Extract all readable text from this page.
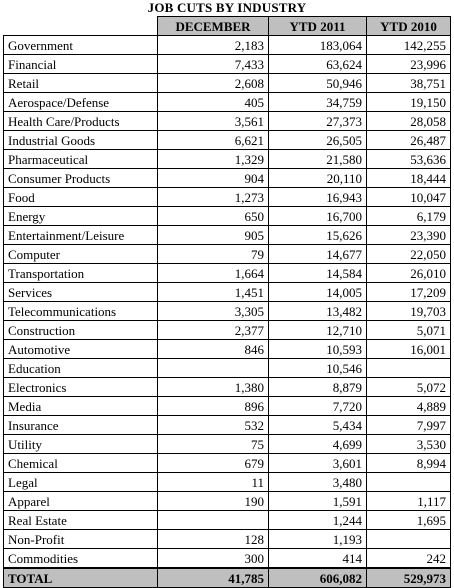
JOB CUTS BY INDUSTRY
	DECEMBER	YTD 2011	YTD 2010
Government	2,183	183,064	142,255
Financial	7,433	63,624	23,996
Retail	2,608	50,946	38,751
Aerospace/Defense	405	34,759	19,150
Health Care/Products	3,561	27,373	28,058
Industrial Goods	6,621	26,505	26,487
Pharmaceutical	1,329	21,580	53,636
Consumer Products	904	20,110	18,444
Food	1,273	16,943	10,047
Energy	650	16,700	6,179
Entertainment/Leisure	905	15,626	23,390
Computer	79	14,677	22,050
Transportation	1,664	14,584	26,010
Services	1,451	14,005	17,209
Telecommunications	3,305	13,482	19,703
Construction	2,377	12,710	5,071
Automotive	846	10,593	16,001
Education		10,546	
Electronics	1,380	8,879	5,072
Media	896	7,720	4,889
Insurance	532	5,434	7,997
Utility	75	4,699	3,530
Chemical	679	3,601	8,994
Legal	11	3,480	
Apparel	190	1,591	1,117
Real Estate		1,244	1,695
Non-Profit	128	1,193	
Commodities	300	414	242
TOTAL	41,785	606,082	529,973
